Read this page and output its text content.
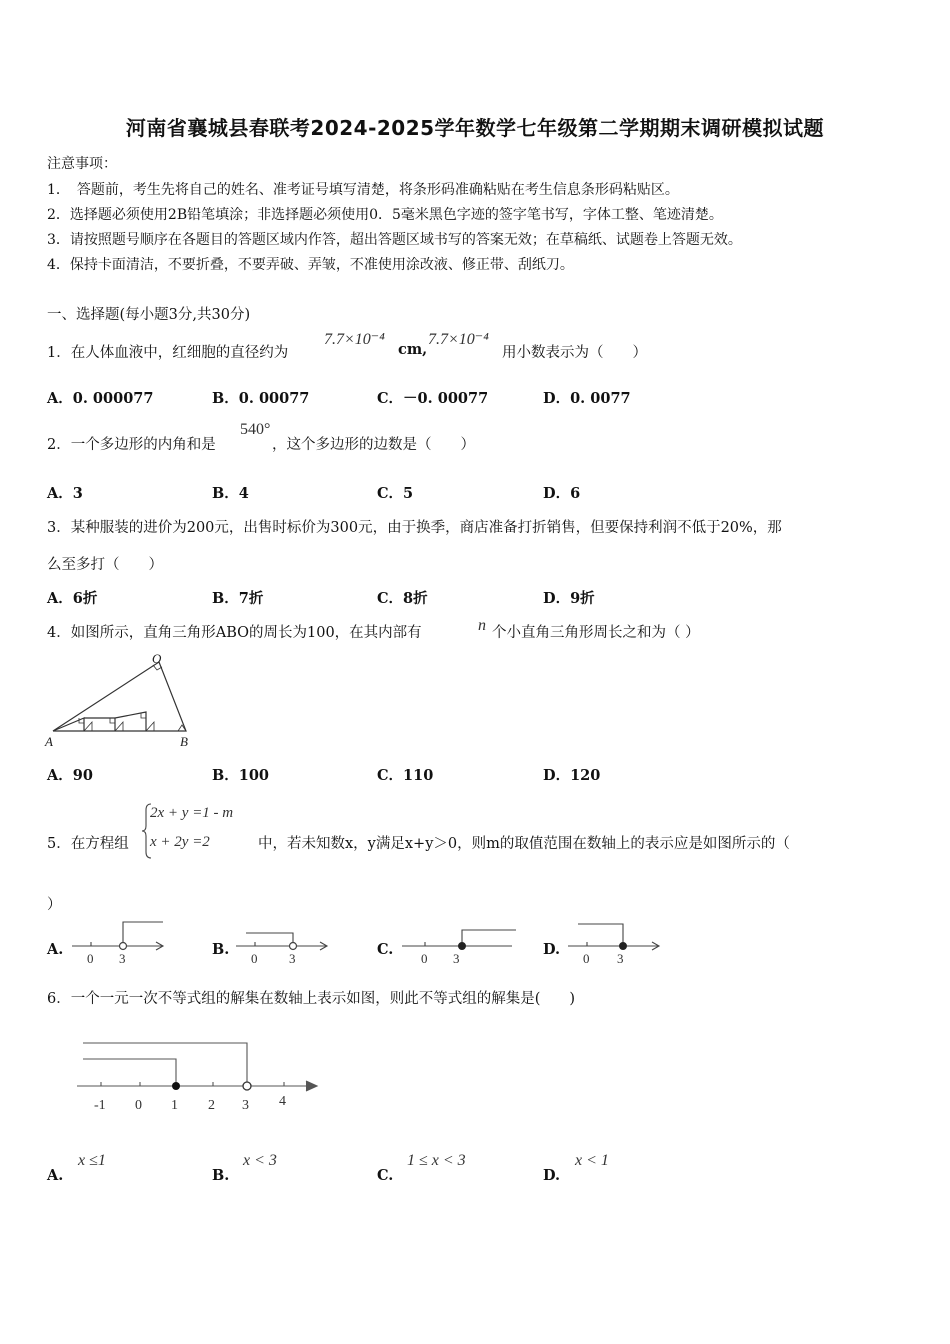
河南省襄城县春联考2024-2025学年数学七年级第二学期期末调研模拟试题
注意事项：
1．　答题前，考生先将自己的姓名、准考证号填写清楚，将条形码准确粘贴在考生信息条形码粘贴区。
2．选择题必须使用2B铅笔填涂；非选择题必须使用0．5毫米黑色字迹的签字笔书写，字体工整、笔迹清楚。
3．请按照题号顺序在各题目的答题区域内作答，超出答题区域书写的答案无效；在草稿纸、试题卷上答题无效。
4．保持卡面清洁，不要折叠，不要弄破、弄皱，不准使用涂改液、修正带、刮纸刀。
一、选择题(每小题3分,共30分)
1．在人体血液中，红细胞的直径约为
7.7×10⁻⁴
cm,
7.7×10⁻⁴
用小数表示为（　　）
A．0. 000077	B．0. 00077	C．－0. 00077	D．0. 0077
2．一个多边形的内角和是
540°
，这个多边形的边数是（　　）
A．3	B．4	C．5	D．6
3．某种服装的进价为200元，出售时标价为300元，由于换季，商店准备打折销售，但要保持利润不低于20%，那
么至多打（　　）
A．6折	B．7折	C．8折	D．9折
4．如图所示，直角三角形ABO的周长为100，在其内部有	n 个小直角三角形周长之和为（ ）
O
A	B
A．90	B．100	C．110	D．120
5．在方程组
2x + y =1 - m
x + 2y =2	中，若未知数x，y满足x+y＞0，则m的取值范围在数轴上的表示应是如图所示的（
）
A.
0 3
B.
0 3
C.
0 3
D.
0 3
6．一个一元一次不等式组的解集在数轴上表示如图，则此不等式组的解集是(　　)
-1 0 1 2 3 4
A.
x ≤1
B.
x < 3
C.
1 ≤ x < 3
D.
x < 1
